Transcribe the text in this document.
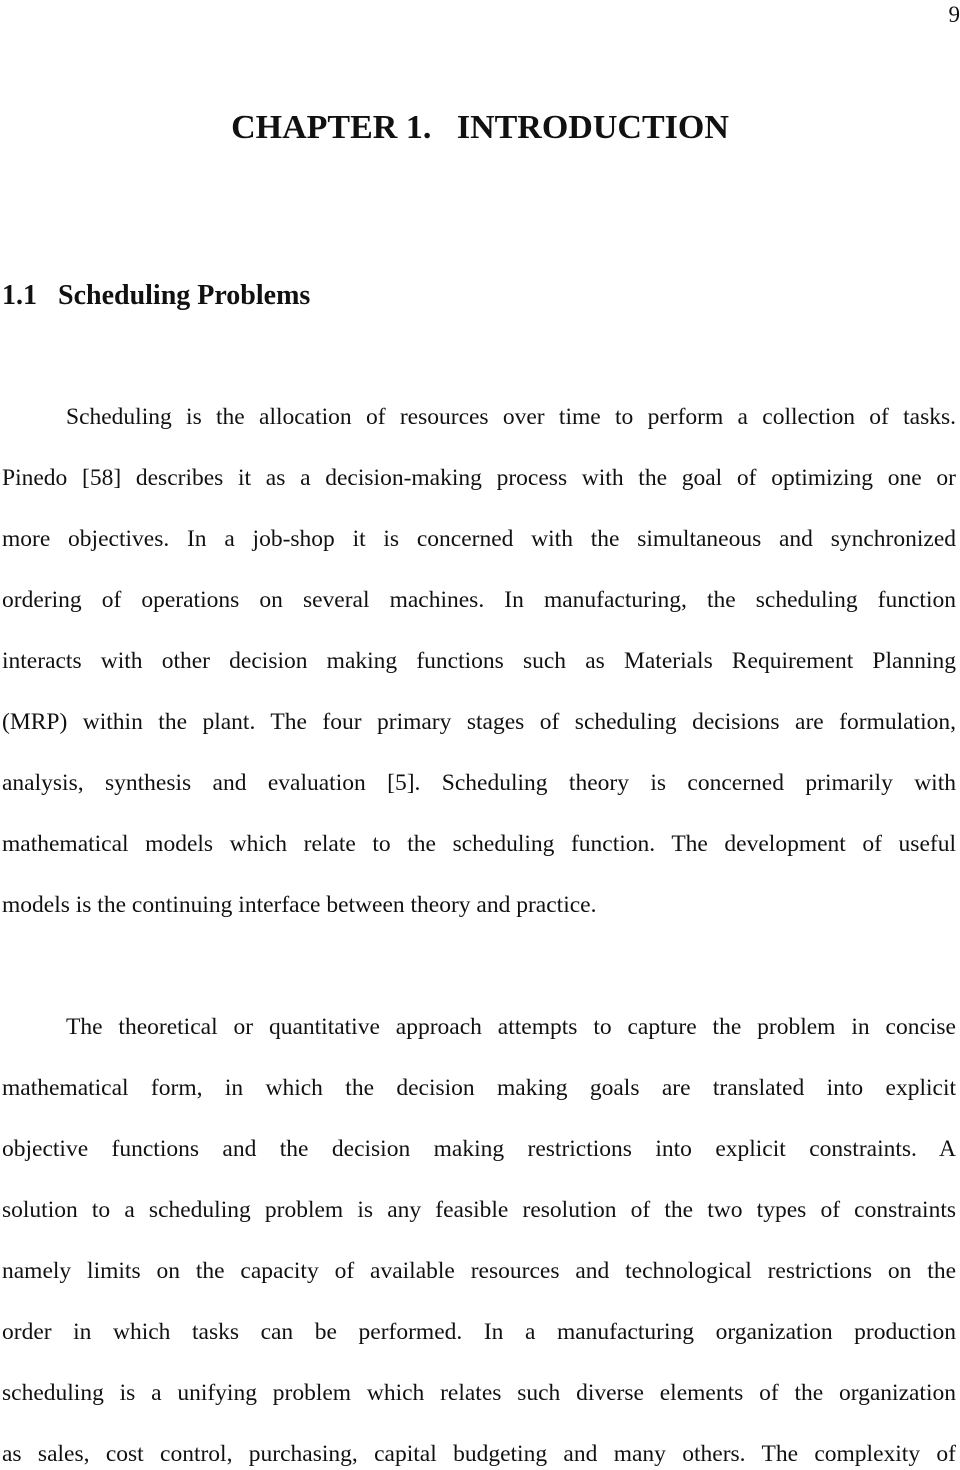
9
CHAPTER 1.   INTRODUCTION
1.1   Scheduling Problems
Scheduling is the allocation of resources over time to perform a collection of tasks.
Pinedo [58] describes it as a decision-making process with the goal of optimizing one or
more objectives. In a job-shop it is concerned with the simultaneous and synchronized
ordering of operations on several machines. In manufacturing, the scheduling function
interacts with other decision making functions such as Materials Requirement Planning
(MRP) within the plant. The four primary stages of scheduling decisions are formulation,
analysis, synthesis and evaluation [5]. Scheduling theory is concerned primarily with
mathematical models which relate to the scheduling function. The development of useful
models is the continuing interface between theory and practice.
The theoretical or quantitative approach attempts to capture the problem in concise
mathematical form, in which the decision making goals are translated into explicit
objective functions and the decision making restrictions into explicit constraints. A
solution to a scheduling problem is any feasible resolution of the two types of constraints
namely limits on the capacity of available resources and technological restrictions on the
order in which tasks can be performed. In a manufacturing organization production
scheduling is a unifying problem which relates such diverse elements of the organization
as sales, cost control, purchasing, capital budgeting and many others. The complexity of
